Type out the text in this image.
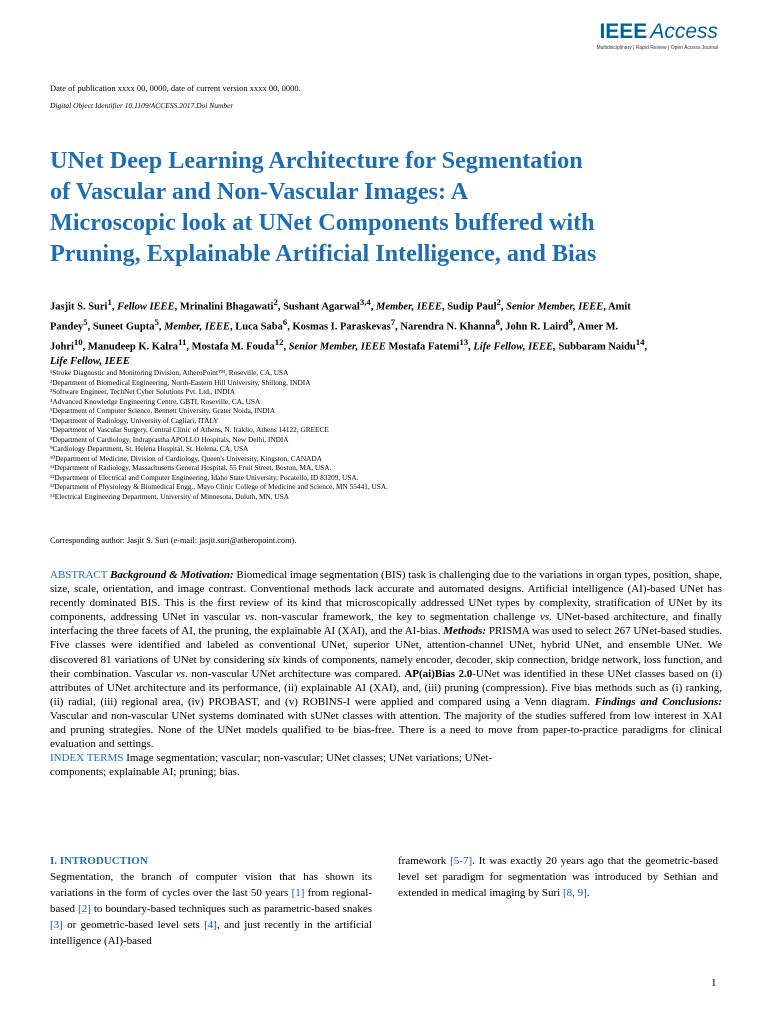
IEEE Access
Multidisciplinary | Rapid Review | Open Access Journal
Date of publication xxxx 00, 0000, date of current version xxxx 00, 0000.
Digital Object Identifier 10.1109/ACCESS.2017.Doi Number
UNet Deep Learning Architecture for Segmentation
of Vascular and Non-Vascular Images: A
Microscopic look at UNet Components buffered with
Pruning, Explainable Artificial Intelligence, and Bias
Jasjit S. Suri$^1$, Fellow IEEE, Mrinalini Bhagawati$^2$, Sushant Agarwal$^{3,4}$, Member, IEEE, Sudip Paul$^2$, Senior Member, IEEE, Amit Pandey$^5$, Suneet Gupta$^5$, Member, IEEE, Luca Saba$^6$, Kosmas I. Paraskevas$^7$, Narendra N. Khanna$^8$, John R. Laird$^9$, Amer M. Johri$^{10}$, Manudeep K. Kalra$^{11}$, Mostafa M. Fouda$^{12}$, Senior Member, IEEE Mostafa Fatemi$^{13}$, Life Fellow, IEEE, Subbaram Naidu$^{14}$, Life Fellow, IEEE
¹Stroke Diagnostic and Monitoring Division, AtheroPoint™, Roseville, CA, USA
²Department of Biomedical Engineering, North-Eastern Hill University, Shillong, INDIA
³Software Engineer, TechNet Cyber Solutions Pvt. Ltd., INDIA
⁴Advanced Knowledge Engineering Centre, GBTI, Roseville, CA, USA
⁵Department of Computer Science, Bennett University, Grater Noida, INDIA
⁶Department of Radiology, University of Cagliari, ITALY
⁷Department of Vascular Surgery, Central Clinic of Athens, N. Iraklio, Athens 14122, GREECE
⁸Department of Cardiology, Indraprastha APOLLO Hospitals, New Delhi, INDIA
⁹Cardiology Department, St. Helena Hospital, St. Helena, CA, USA
¹⁰Department of Medicine, Division of Cardiology, Queen's University, Kingston, CANADA
¹¹Department of Radiology, Massachusetts General Hospital, 55 Fruit Street, Boston, MA, USA.
¹²Department of Electrical and Computer Engineering, Idaho State University, Pocatello, ID 83209, USA.
¹³Department of Physiology & Biomedical Engg., Mayo Clinic College of Medicine and Science, MN 55441, USA.
¹⁴Electrical Engineering Department, University of Minnesota, Duluth, MN, USA
Corresponding author: Jasjit S. Suri (e-mail: jasjit.suri@atheropoint.com).

ABSTRACT Background & Motivation: Biomedical image segmentation (BIS) task is challenging due to the variations in organ types, position, shape, size, scale, orientation, and image contrast. Conventional methods lack accurate and automated designs. Artificial intelligence (AI)-based UNet has recently dominated BIS. This is the first review of its kind that microscopically addressed UNet types by complexity, stratification of UNet by its components, addressing UNet in vascular vs. non-vascular framework, the key to segmentation challenge vs. UNet-based architecture, and finally interfacing the three facets of AI, the pruning, the explainable AI (XAI), and the AI-bias. Methods: PRISMA was used to select 267 UNet-based studies. Five classes were identified and labeled as conventional UNet, superior UNet, attention-channel UNet, hybrid UNet, and ensemble UNet. We discovered 81 variations of UNet by considering six kinds of components, namely encoder, decoder, skip connection, bridge network, loss function, and their combination. Vascular vs. non-vascular UNet architecture was compared. AP(ai)Bias 2.0-UNet was identified in these UNet classes based on (i) attributes of UNet architecture and its performance, (ii) explainable AI (XAI), and, (iii) pruning (compression). Five bias methods such as (i) ranking, (ii) radial, (iii) regional area, (iv) PROBAST, and (v) ROBINS-I were applied and compared using a Venn diagram. Findings and Conclusions: Vascular and non-vascular UNet systems dominated with sUNet classes with attention. The majority of the studies suffered from low interest in XAI and pruning strategies. None of the UNet models qualified to be bias-free. There is a need to move from paper-to-practice paradigms for clinical evaluation and settings.

INDEX TERMS Image segmentation; vascular; non-vascular; UNet classes; UNet variations; UNet-
components; explainable AI; pruning; bias.

I. INTRODUCTION

Segmentation, the branch of computer vision that has shown its variations in the form of cycles over the last 50 years [1] from regional-based [2] to boundary-based techniques such as parametric-based snakes [3] or geometric-based level sets [4], and just recently in the artificial intelligence (AI)-based

framework [5-7]. It was exactly 20 years ago that the geometric-based level set paradigm for segmentation was introduced by Sethian and extended in medical imaging by Suri [8, 9].

1
